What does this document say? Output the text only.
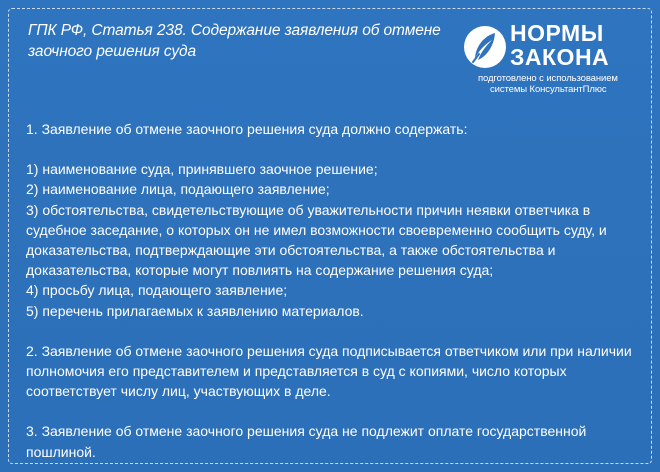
ГПК РФ, Статья 238. Содержание заявления об отмене заочного решения суда
НОРМЫ
ЗАКОНА
подготовлено с использованием
системы КонсультантПлюс

1. Заявление об отмене заочного решения суда должно содержать:

1) наименование суда, принявшего заочное решение;

2) наименование лица, подающего заявление;

3) обстоятельства, свидетельствующие об уважительности причин неявки ответчика в судебное заседание, о которых он не имел возможности своевременно сообщить суду, и доказательства, подтверждающие эти обстоятельства, а также обстоятельства и доказательства, которые могут повлиять на содержание решения суда;

4) просьбу лица, подающего заявление;

5) перечень прилагаемых к заявлению материалов.

2. Заявление об отмене заочного решения суда подписывается ответчиком или при наличии полномочия его представителем и представляется в суд с копиями, число которых соответствует числу лиц, участвующих в деле.

3. Заявление об отмене заочного решения суда не подлежит оплате государственной пошлиной.
